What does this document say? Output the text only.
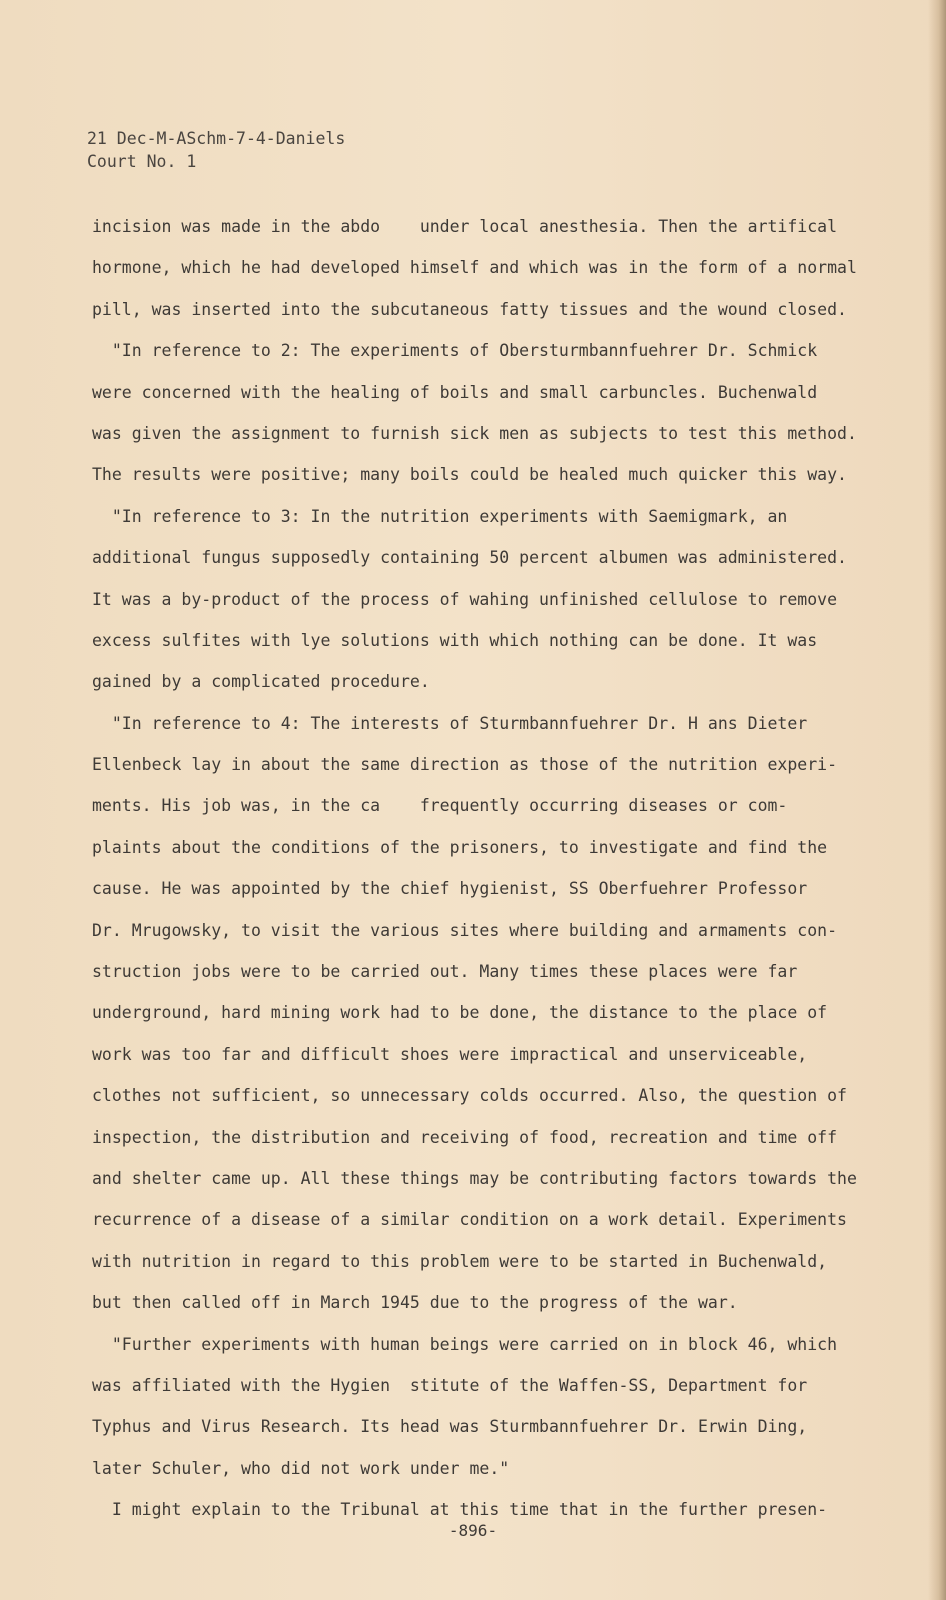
21 Dec-M-ASchm-7-4-Daniels
Court No. 1
incision was made in the abdo    under local anesthesia. Then the artifical
hormone, which he had developed himself and which was in the form of a normal
pill, was inserted into the subcutaneous fatty tissues and the wound closed.
"In reference to 2: The experiments of Obersturmbannfuehrer Dr. Schmick
were concerned with the healing of boils and small carbuncles. Buchenwald
was given the assignment to furnish sick men as subjects to test this method.
The results were positive; many boils could be healed much quicker this way.
"In reference to 3: In the nutrition experiments with Saemigmark, an
additional fungus supposedly containing 50 percent albumen was administered.
It was a by-product of the process of wahing unfinished cellulose to remove
excess sulfites with lye solutions with which nothing can be done. It was
gained by a complicated procedure.
"In reference to 4: The interests of Sturmbannfuehrer Dr. H ans Dieter
Ellenbeck lay in about the same direction as those of the nutrition experi-
ments. His job was, in the ca    frequently occurring diseases or com-
plaints about the conditions of the prisoners, to investigate and find the
cause. He was appointed by the chief hygienist, SS Oberfuehrer Professor
Dr. Mrugowsky, to visit the various sites where building and armaments con-
struction jobs were to be carried out. Many times these places were far
underground, hard mining work had to be done, the distance to the place of
work was too far and difficult shoes were impractical and unserviceable,
clothes not sufficient, so unnecessary colds occurred. Also, the question of
inspection, the distribution and receiving of food, recreation and time off
and shelter came up. All these things may be contributing factors towards the
recurrence of a disease of a similar condition on a work detail. Experiments
with nutrition in regard to this problem were to be started in Buchenwald,
but then called off in March 1945 due to the progress of the war.
"Further experiments with human beings were carried on in block 46, which
was affiliated with the Hygien  stitute of the Waffen-SS, Department for
Typhus and Virus Research. Its head was Sturmbannfuehrer Dr. Erwin Ding,
later Schuler, who did not work under me."
I might explain to the Tribunal at this time that in the further presen-
-896-
